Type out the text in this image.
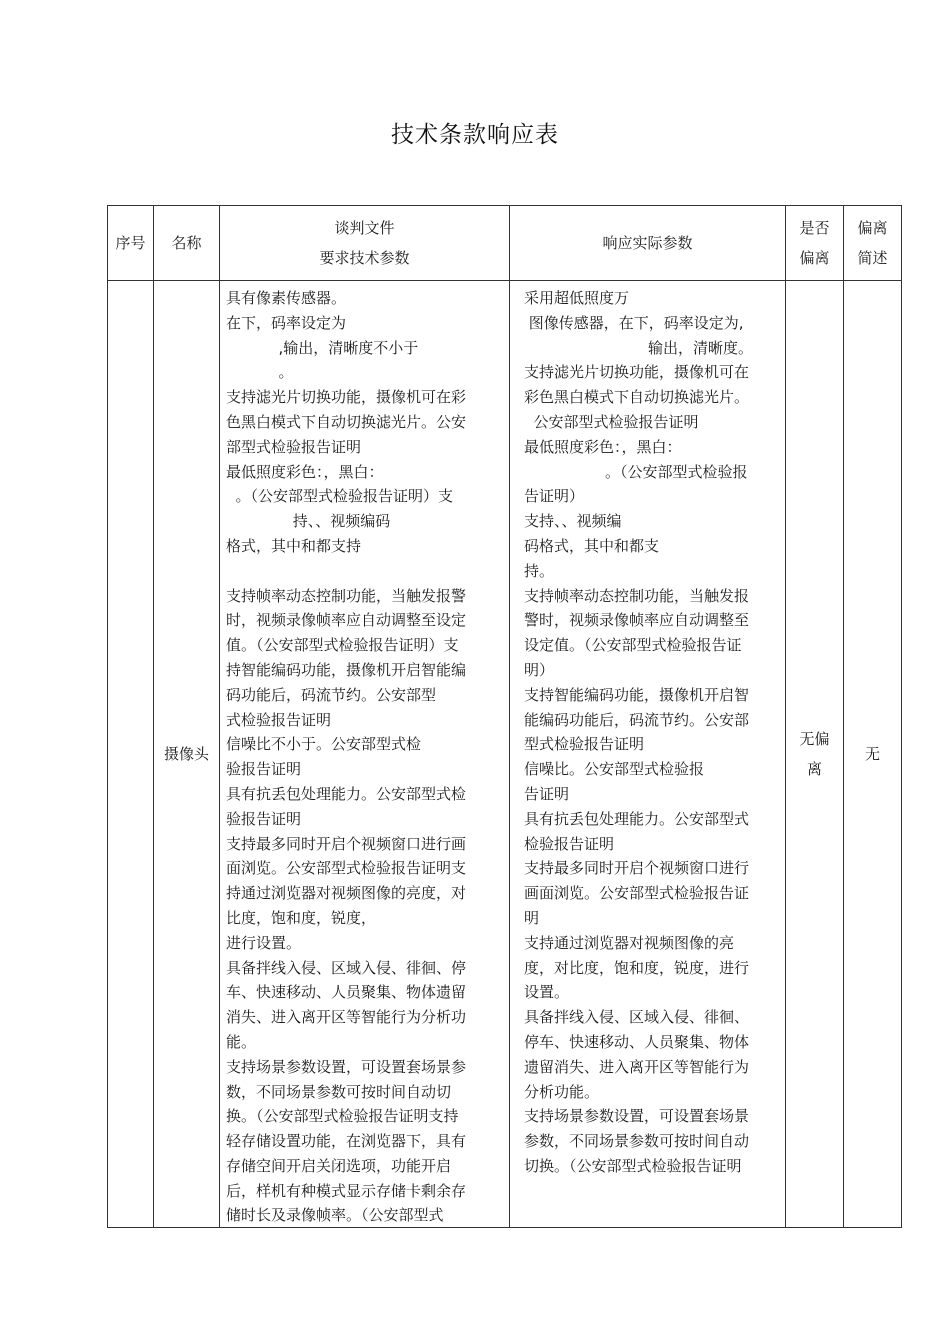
技术条款响应表
序号 名称
谈判文件
要求技术参数
响应实际参数
是否
偏离
偏离
简述
摄像头
具有像素传感器。
在下，码率设定为
,输出，清晰度不小于
。
支持滤光片切换功能，摄像机可在彩
色黑白模式下自动切换滤光片。公安
部型式检验报告证明
最低照度彩色：，黑白：
。（公安部型式检验报告证明）支
持、、视频编码
格式，其中和都支持

支持帧率动态控制功能，当触发报警
时，视频录像帧率应自动调整至设定
值。（公安部型式检验报告证明）支
持智能编码功能，摄像机开启智能编
码功能后，码流节约。公安部型
式检验报告证明
信噪比不小于。公安部型式检
验报告证明
具有抗丢包处理能力。公安部型式检
验报告证明
支持最多同时开启个视频窗口进行画
面浏览。公安部型式检验报告证明支
持通过浏览器对视频图像的亮度，对
比度，饱和度，锐度，
进行设置。
具备拌线入侵、区域入侵、徘徊、停
车、快速移动、人员聚集、物体遗留
消失、进入离开区等智能行为分析功
能。
支持场景参数设置，可设置套场景参
数，不同场景参数可按时间自动切
换。（公安部型式检验报告证明支持
轻存储设置功能，在浏览器下，具有
存储空间开启关闭选项，功能开启
后，样机有种模式显示存储卡剩余存
储时长及录像帧率。（公安部型式
采用超低照度万
图像传感器，在下，码率设定为,
输出，清晰度。
支持滤光片切换功能，摄像机可在
彩色黑白模式下自动切换滤光片。
公安部型式检验报告证明
最低照度彩色：，黑白：
。（公安部型式检验报
告证明）
支持、、视频编
码格式，其中和都支
持。
支持帧率动态控制功能，当触发报
警时，视频录像帧率应自动调整至
设定值。（公安部型式检验报告证
明）
支持智能编码功能，摄像机开启智
能编码功能后，码流节约。公安部
型式检验报告证明
信噪比。公安部型式检验报
告证明
具有抗丢包处理能力。公安部型式
检验报告证明
支持最多同时开启个视频窗口进行
画面浏览。公安部型式检验报告证
明
支持通过浏览器对视频图像的亮
度，对比度，饱和度，锐度，进行
设置。
具备拌线入侵、区域入侵、徘徊、
停车、快速移动、人员聚集、物体
遗留消失、进入离开区等智能行为
分析功能。
支持场景参数设置，可设置套场景
参数，不同场景参数可按时间自动
切换。（公安部型式检验报告证明
无偏
离
无
